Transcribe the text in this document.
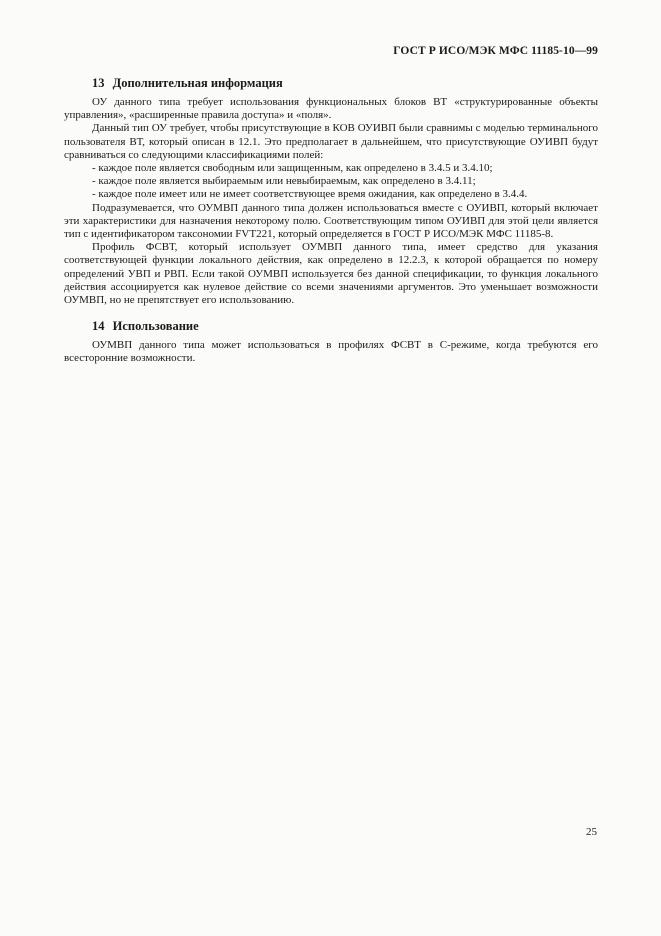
ГОСТ Р ИСО/МЭК МФС 11185-10—99
13 Дополнительная информация

ОУ данного типа требует использования функциональных блоков ВТ «структурированные объекты управления», «расширенные правила доступа» и «поля».

Данный тип ОУ требует, чтобы присутствующие в КОВ ОУИВП были сравнимы с моделью терминального пользователя ВТ, который описан в 12.1. Это предполагает в дальнейшем, что присутствующие ОУИВП будут сравниваться со следующими классификациями полей:

- каждое поле является свободным или защищенным, как определено в 3.4.5 и 3.4.10;
- каждое поле является выбираемым или невыбираемым, как определено в 3.4.11;
- каждое поле имеет или не имеет соответствующее время ожидания, как определено в 3.4.4.

Подразумевается, что ОУМВП данного типа должен использоваться вместе с ОУИВП, который включает эти характеристики для назначения некоторому полю. Соответствующим типом ОУИВП для этой цели является тип с идентификатором таксономии FVT221, который определяется в ГОСТ Р ИСО/МЭК МФС 11185-8.

Профиль ФСВТ, который использует ОУМВП данного типа, имеет средство для указания соответствующей функции локального действия, как определено в 12.2.3, к которой обращается по номеру определений УВП и РВП. Если такой ОУМВП используется без данной спецификации, то функция локального действия ассоциируется как нулевое действие со всеми значениями аргументов. Это уменьшает возможности ОУМВП, но не препятствует его использованию.

14 Использование

ОУМВП данного типа может использоваться в профилях ФСВТ в С-режиме, когда требуются его всесторонние возможности.

25
